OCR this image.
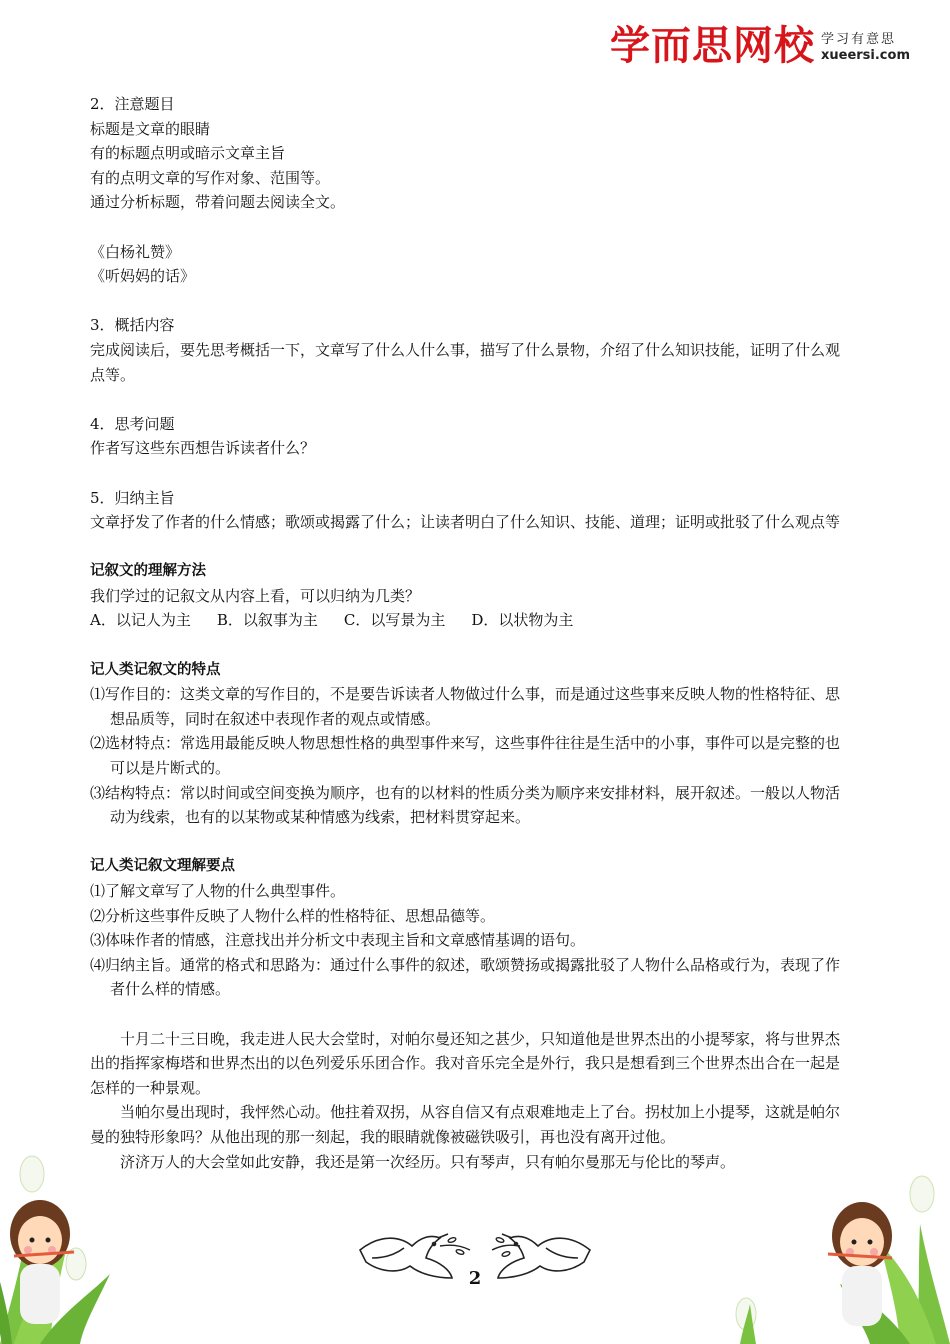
学而思网校 学习有意思
xueersi.com

2．注意题目

标题是文章的眼睛

有的标题点明或暗示文章主旨

有的点明文章的写作对象、范围等。

通过分析标题，带着问题去阅读全文。

《白杨礼赞》

《听妈妈的话》

3．概括内容

完成阅读后，要先思考概括一下，文章写了什么人什么事，描写了什么景物，介绍了什么知识技能，证明了什么观点等。

4．思考问题

作者写这些东西想告诉读者什么？

5．归纳主旨

文章抒发了作者的什么情感；歌颂或揭露了什么；让读者明白了什么知识、技能、道理；证明或批驳了什么观点等

记叙文的理解方法

我们学过的记叙文从内容上看，可以归纳为几类？

A．以记人为主 B．以叙事为主 C．以写景为主 D．以状物为主

记人类记叙文的特点

⑴写作目的：这类文章的写作目的，不是要告诉读者人物做过什么事，而是通过这些事来反映人物的性格特征、思想品质等，同时在叙述中表现作者的观点或情感。

⑵选材特点：常选用最能反映人物思想性格的典型事件来写，这些事件往往是生活中的小事，事件可以是完整的也可以是片断式的。

⑶结构特点：常以时间或空间变换为顺序，也有的以材料的性质分类为顺序来安排材料，展开叙述。一般以人物活动为线索，也有的以某物或某种情感为线索，把材料贯穿起来。

记人类记叙文理解要点

⑴了解文章写了人物的什么典型事件。

⑵分析这些事件反映了人物什么样的性格特征、思想品德等。

⑶体味作者的情感，注意找出并分析文中表现主旨和文章感情基调的语句。

⑷归纳主旨。通常的格式和思路为：通过什么事件的叙述，歌颂赞扬或揭露批驳了人物什么品格或行为，表现了作者什么样的情感。

十月二十三日晚，我走进人民大会堂时，对帕尔曼还知之甚少，只知道他是世界杰出的小提琴家，将与世界杰出的指挥家梅塔和世界杰出的以色列爱乐乐团合作。我对音乐完全是外行，我只是想看到三个世界杰出合在一起是怎样的一种景观。

当帕尔曼出现时，我怦然心动。他拄着双拐，从容自信又有点艰难地走上了台。拐杖加上小提琴，这就是帕尔曼的独特形象吗？从他出现的那一刻起，我的眼睛就像被磁铁吸引，再也没有离开过他。

济济万人的大会堂如此安静，我还是第一次经历。只有琴声，只有帕尔曼那无与伦比的琴声。

2
